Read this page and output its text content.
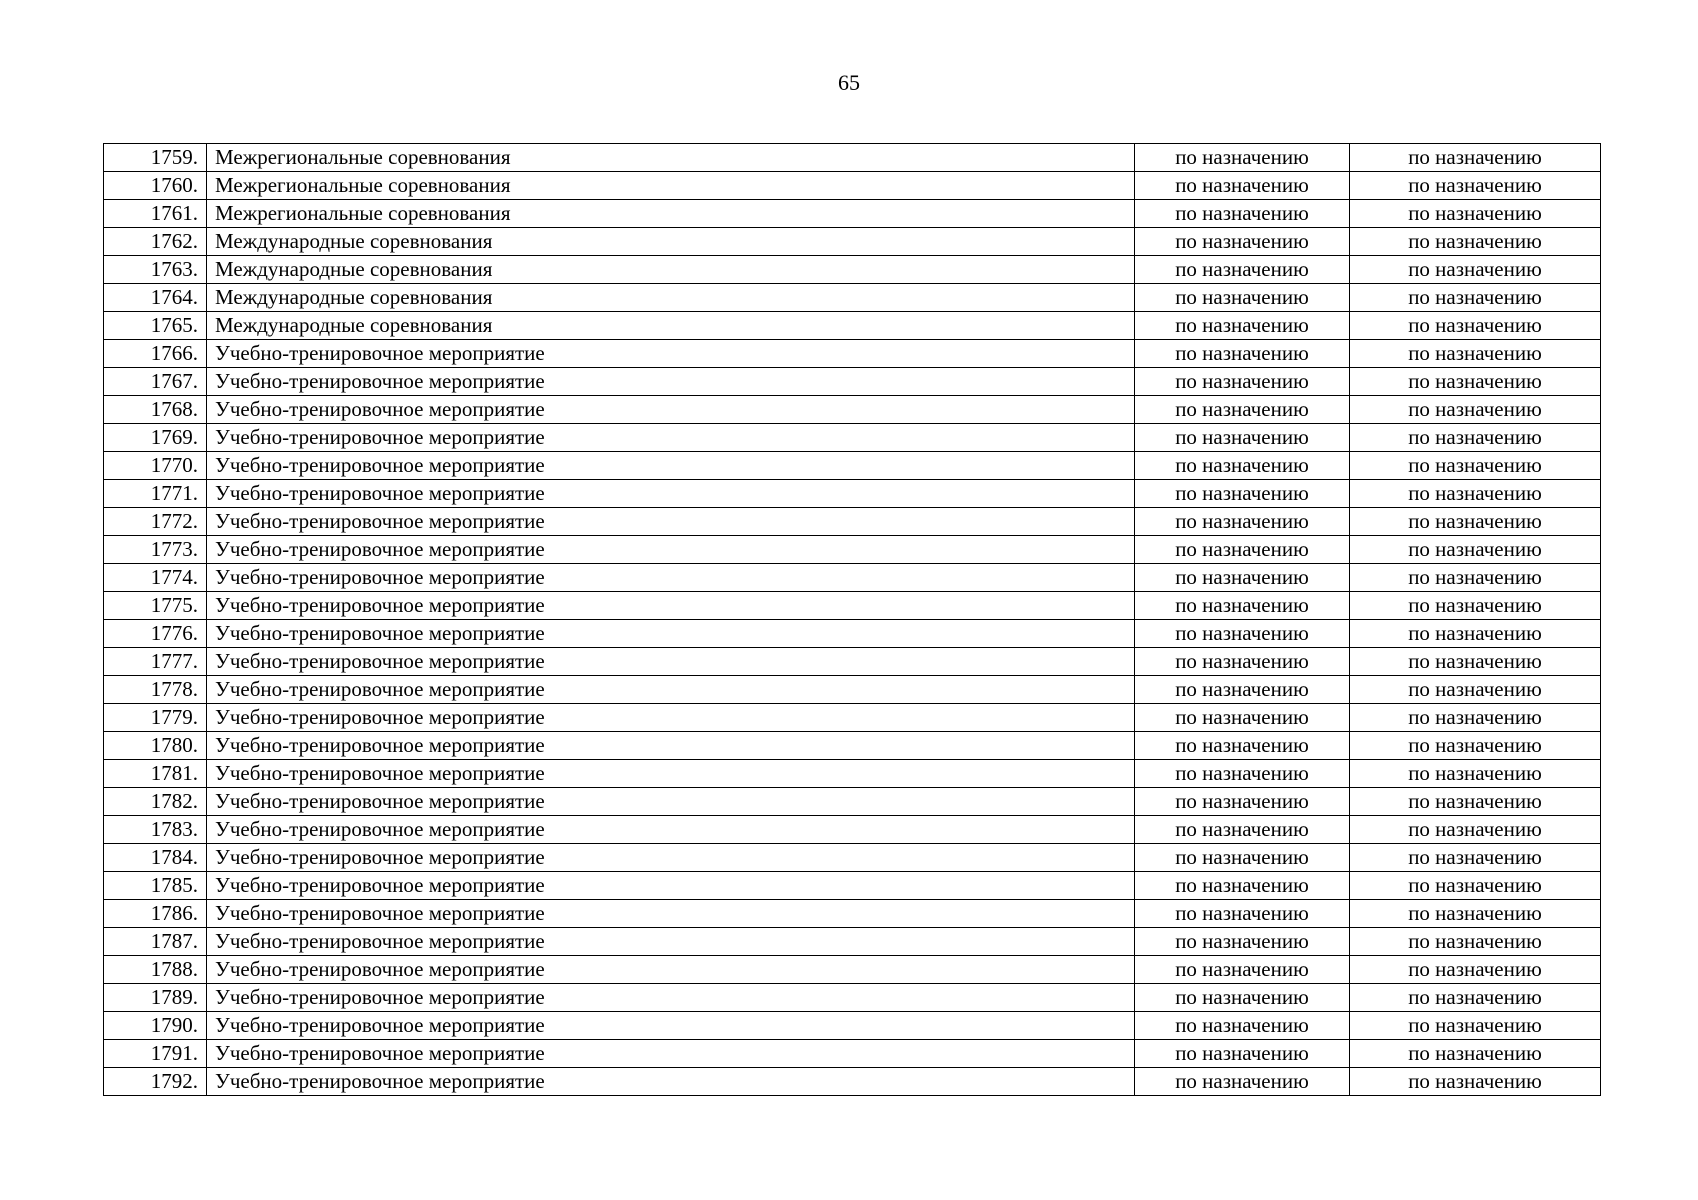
65
1759.	Межрегиональные соревнования	по назначению	по назначению
1760.	Межрегиональные соревнования	по назначению	по назначению
1761.	Межрегиональные соревнования	по назначению	по назначению
1762.	Международные соревнования	по назначению	по назначению
1763.	Международные соревнования	по назначению	по назначению
1764.	Международные соревнования	по назначению	по назначению
1765.	Международные соревнования	по назначению	по назначению
1766.	Учебно-тренировочное мероприятие	по назначению	по назначению
1767.	Учебно-тренировочное мероприятие	по назначению	по назначению
1768.	Учебно-тренировочное мероприятие	по назначению	по назначению
1769.	Учебно-тренировочное мероприятие	по назначению	по назначению
1770.	Учебно-тренировочное мероприятие	по назначению	по назначению
1771.	Учебно-тренировочное мероприятие	по назначению	по назначению
1772.	Учебно-тренировочное мероприятие	по назначению	по назначению
1773.	Учебно-тренировочное мероприятие	по назначению	по назначению
1774.	Учебно-тренировочное мероприятие	по назначению	по назначению
1775.	Учебно-тренировочное мероприятие	по назначению	по назначению
1776.	Учебно-тренировочное мероприятие	по назначению	по назначению
1777.	Учебно-тренировочное мероприятие	по назначению	по назначению
1778.	Учебно-тренировочное мероприятие	по назначению	по назначению
1779.	Учебно-тренировочное мероприятие	по назначению	по назначению
1780.	Учебно-тренировочное мероприятие	по назначению	по назначению
1781.	Учебно-тренировочное мероприятие	по назначению	по назначению
1782.	Учебно-тренировочное мероприятие	по назначению	по назначению
1783.	Учебно-тренировочное мероприятие	по назначению	по назначению
1784.	Учебно-тренировочное мероприятие	по назначению	по назначению
1785.	Учебно-тренировочное мероприятие	по назначению	по назначению
1786.	Учебно-тренировочное мероприятие	по назначению	по назначению
1787.	Учебно-тренировочное мероприятие	по назначению	по назначению
1788.	Учебно-тренировочное мероприятие	по назначению	по назначению
1789.	Учебно-тренировочное мероприятие	по назначению	по назначению
1790.	Учебно-тренировочное мероприятие	по назначению	по назначению
1791.	Учебно-тренировочное мероприятие	по назначению	по назначению
1792.	Учебно-тренировочное мероприятие	по назначению	по назначению
